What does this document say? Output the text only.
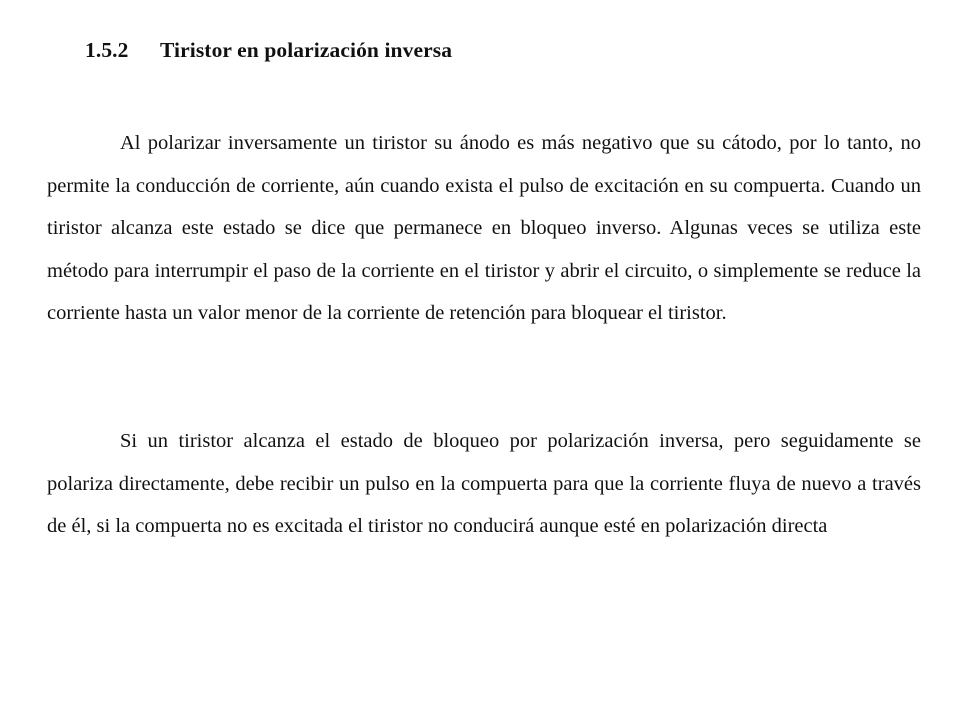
1.5.2 Tiristor en polarización inversa

Al polarizar inversamente un tiristor su ánodo es más negativo que su cátodo, por lo tanto, no permite la conducción de corriente, aún cuando exista el pulso de excitación en su compuerta. Cuando un tiristor alcanza este estado se dice que permanece en bloqueo inverso. Algunas veces se utiliza este método para interrumpir el paso de la corriente en el tiristor y abrir el circuito, o simplemente se reduce la corriente hasta un valor menor de la corriente de retención para bloquear el tiristor.

Si un tiristor alcanza el estado de bloqueo por polarización inversa, pero seguidamente se polariza directamente, debe recibir un pulso en la compuerta para que la corriente fluya de nuevo a través de él, si la compuerta no es excitada el tiristor no conducirá aunque esté en polarización directa
